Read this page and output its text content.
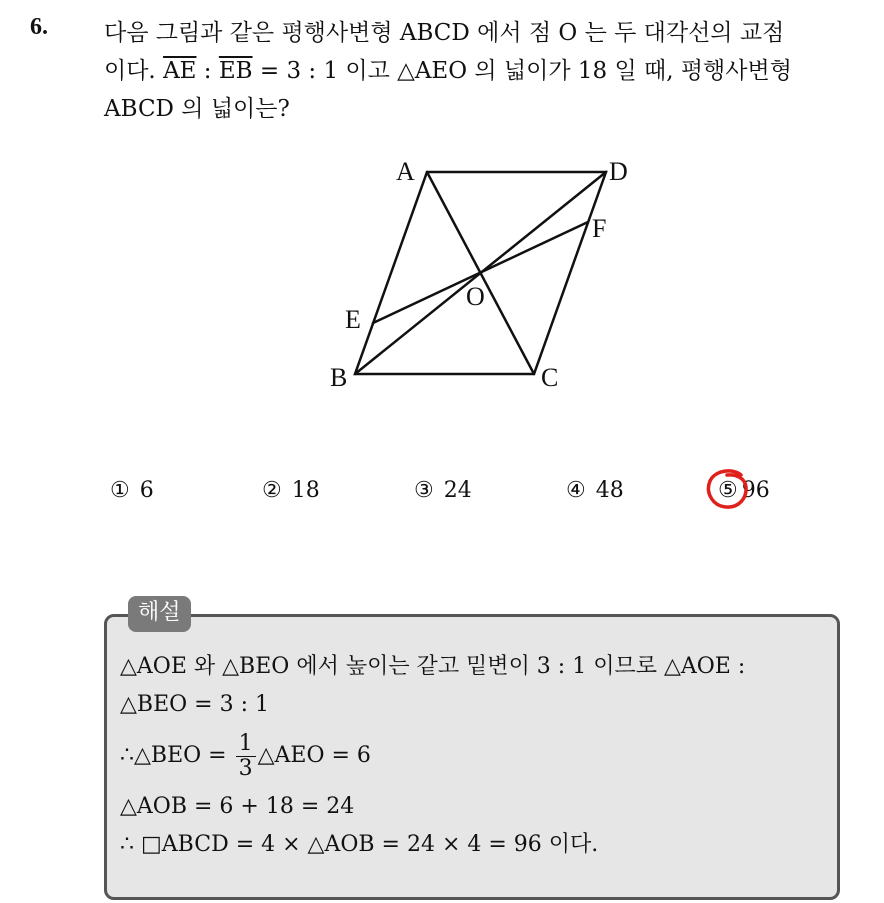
6. 다음 그림과 같은 평행사변형 ABCD 에서 점 O 는 두 대각선의 교점
이다. $\overline{AE}$ : $\overline{EB} = 3$ : 1 이고 △AEO 의 넓이가 18 일 때, 평행사변형
ABCD 의 넓이는?
A	D
F
O
E
B	C
① 6	② 18	③ 24	④ 48	⑤ 96
해설
△AOE 와 △BEO 에서 높이는 같고 밑변이 3 : 1 이므로 △AOE :
△BEO = 3 : 1
∴△BEO = $\frac{1}{3}$ △AEO = 6
△AOB = 6 + 18 = 24
∴ □ABCD = 4 × △AOB = 24 × 4 = 96 이다.
